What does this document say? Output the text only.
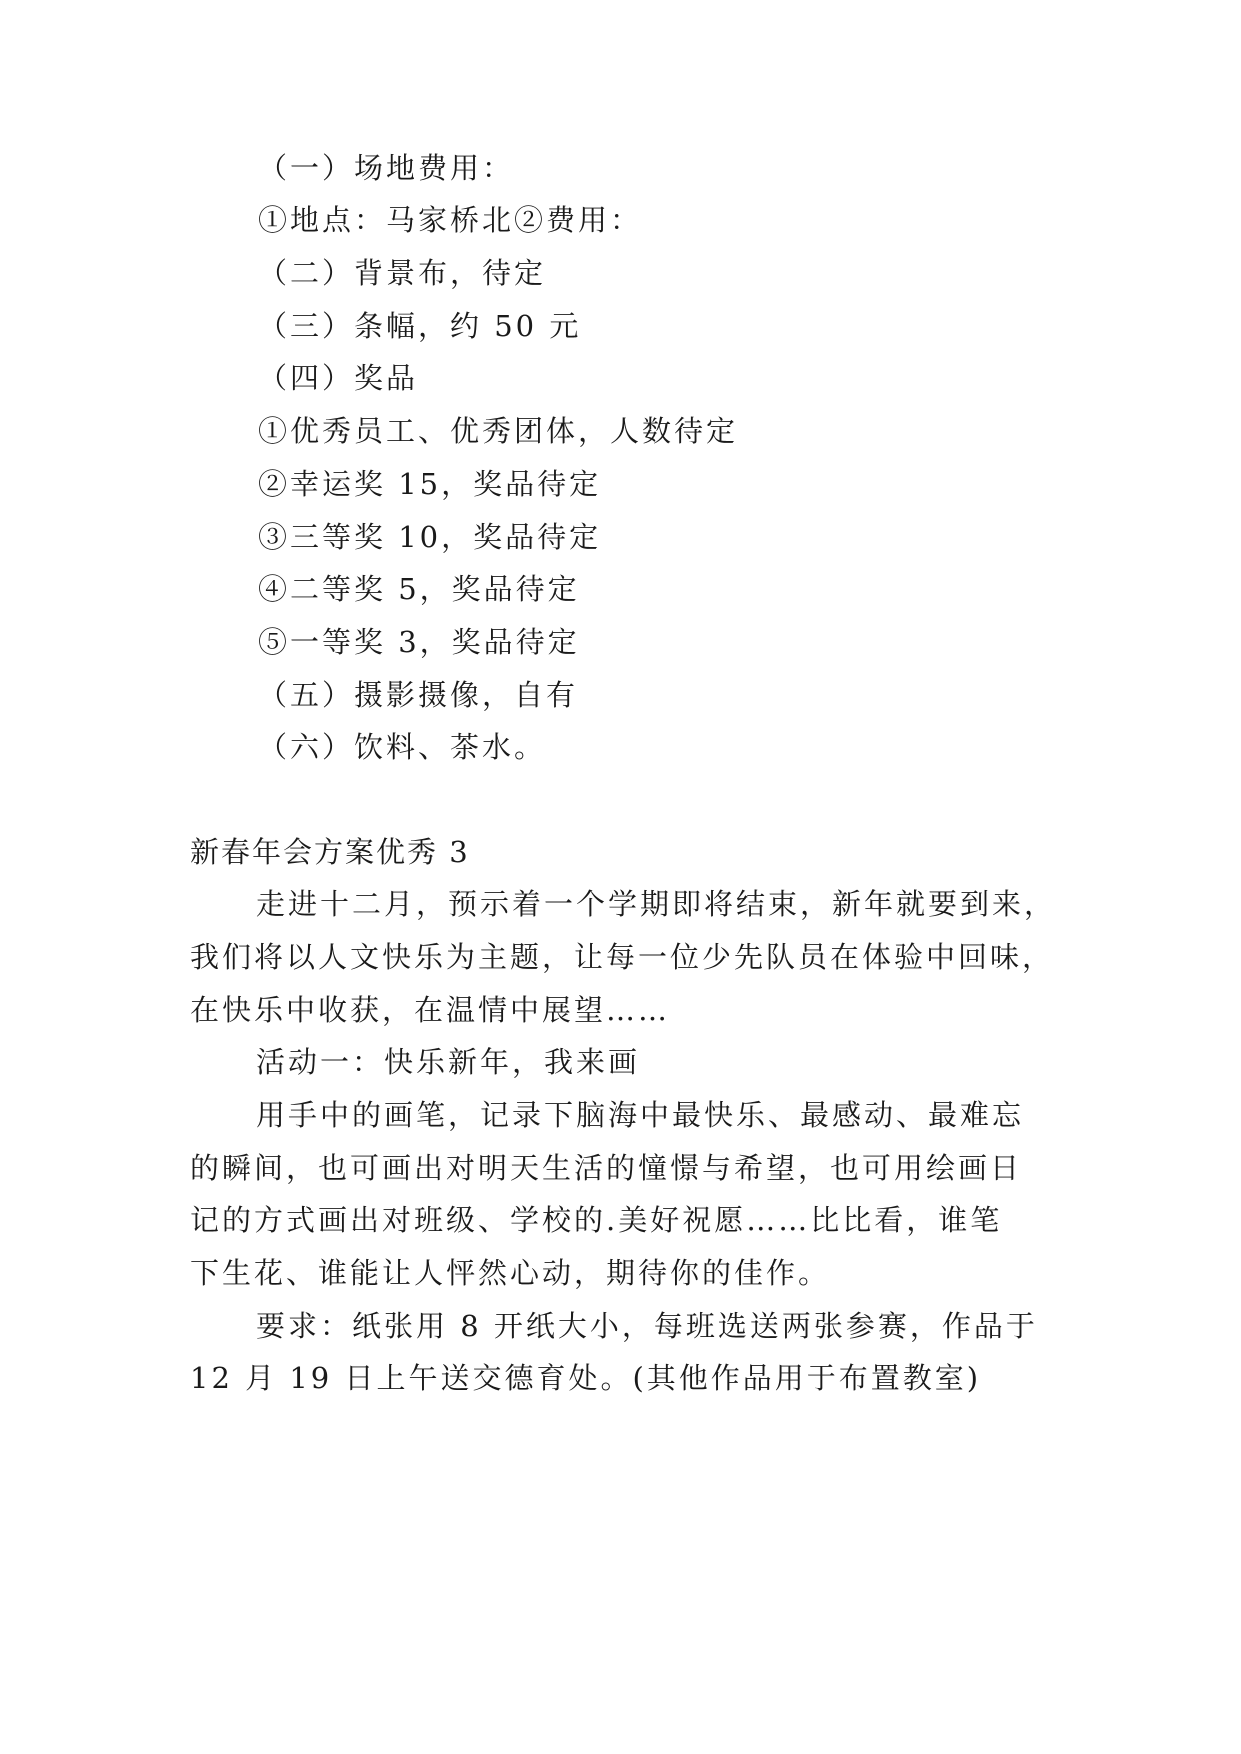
（一）场地费用：
①地点：马家桥北②费用：
（二）背景布，待定
（三）条幅，约 50 元
（四）奖品
①优秀员工、优秀团体，人数待定
②幸运奖 15，奖品待定
③三等奖 10，奖品待定
④二等奖 5，奖品待定
⑤一等奖 3，奖品待定
（五）摄影摄像，自有
（六）饮料、茶水。
新春年会方案优秀 3
走进十二月，预示着一个学期即将结束，新年就要到来，
我们将以人文快乐为主题，让每一位少先队员在体验中回味，
在快乐中收获，在温情中展望……
活动一：快乐新年，我来画
用手中的画笔，记录下脑海中最快乐、最感动、最难忘
的瞬间，也可画出对明天生活的憧憬与希望，也可用绘画日
记的方式画出对班级、学校的.美好祝愿……比比看，谁笔
下生花、谁能让人怦然心动，期待你的佳作。
要求：纸张用 8 开纸大小，每班选送两张参赛，作品于
12 月 19 日上午送交德育处。(其他作品用于布置教室)
